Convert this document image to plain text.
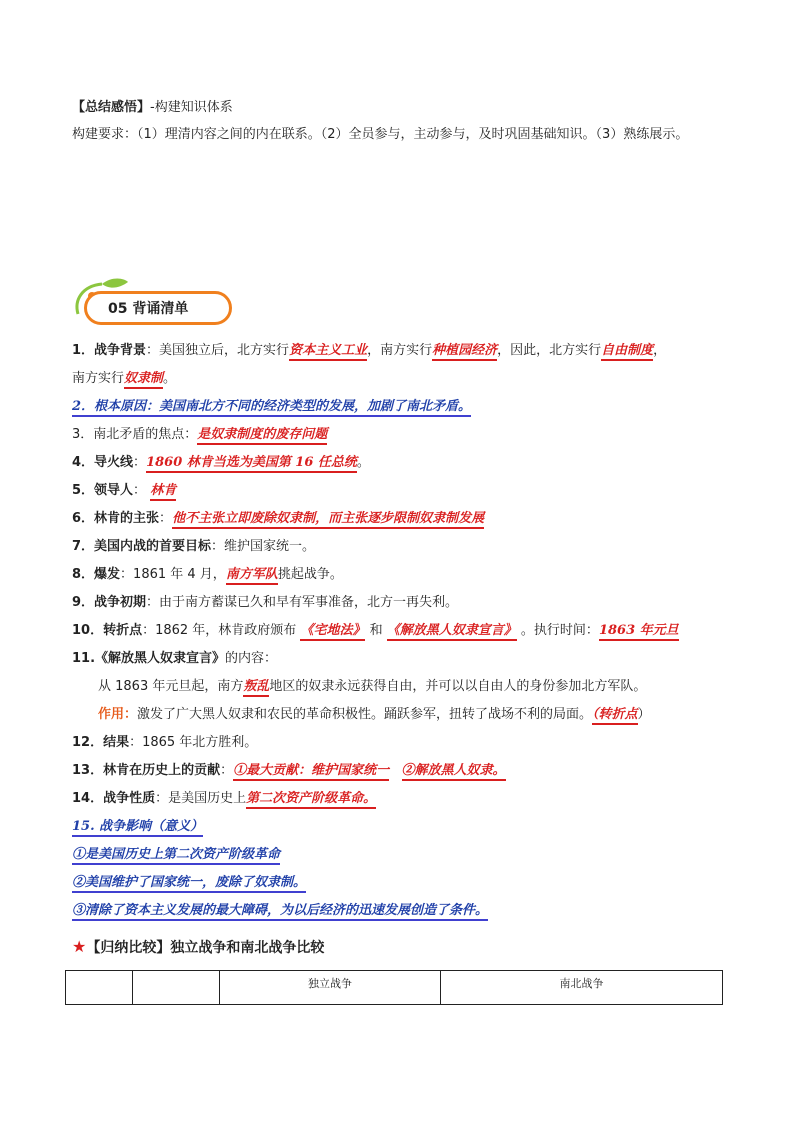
【总结感悟】-构建知识体系
构建要求：（1）理清内容之间的内在联系。（2）全员参与，主动参与，及时巩固基础知识。（3）熟练展示。
05 背诵清单
1．战争背景：美国独立后，北方实行资本主义工业，南方实行种植园经济，因此，北方实行自由制度，
南方实行奴隶制。
2．根本原因：美国南北方不同的经济类型的发展，加剧了南北矛盾。
3．南北矛盾的焦点：是奴隶制度的废存问题
4．导火线：1860 林肯当选为美国第 16 任总统。
5．领导人： 林肯
6．林肯的主张：他不主张立即废除奴隶制，而主张逐步限制奴隶制发展
7．美国内战的首要目标：维护国家统一。
8．爆发：1861 年 4 月，南方军队挑起战争。
9．战争初期：由于南方蓄谋已久和早有军事准备，北方一再失利。
10．转折点：1862 年，林肯政府颁布 《宅地法》 和 《解放黑人奴隶宣言》 。执行时间：1863 年元旦
11.《解放黑人奴隶宣言》的内容：
从 1863 年元旦起，南方叛乱地区的奴隶永远获得自由，并可以以自由人的身份参加北方军队。
作用：激发了广大黑人奴隶和农民的革命积极性。踊跃参军，扭转了战场不利的局面。（转折点）
12．结果：1865 年北方胜利。
13．林肯在历史上的贡献：①最大贡献：维护国家统一 ②解放黑人奴隶。
14．战争性质：是美国历史上第二次资产阶级革命。
15. 战争影响（意义）
①是美国历史上第二次资产阶级革命
②美国维护了国家统一，废除了奴隶制。
③清除了资本主义发展的最大障碍，为以后经济的迅速发展创造了条件。
★【归纳比较】独立战争和南北战争比较
		独立战争	南北战争
